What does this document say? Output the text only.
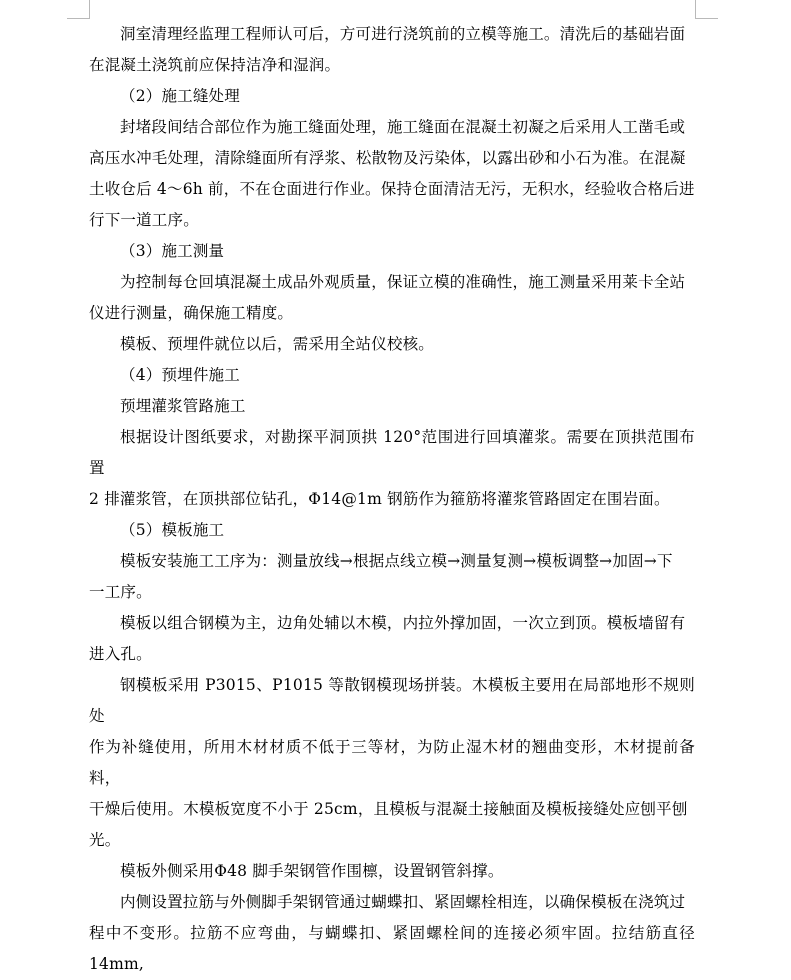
洞室清理经监理工程师认可后，方可进行浇筑前的立模等施工。清洗后的基础岩面
在混凝土浇筑前应保持洁净和湿润。

（2）施工缝处理

封堵段间结合部位作为施工缝面处理，施工缝面在混凝土初凝之后采用人工凿毛或
高压水冲毛处理，清除缝面所有浮浆、松散物及污染体，以露出砂和小石为准。在混凝
土收仓后 4～6h 前，不在仓面进行作业。保持仓面清洁无污，无积水，经验收合格后进
行下一道工序。

（3）施工测量

为控制每仓回填混凝土成品外观质量，保证立模的准确性，施工测量采用莱卡全站
仪进行测量，确保施工精度。

模板、预埋件就位以后，需采用全站仪校核。

（4）预埋件施工

预埋灌浆管路施工

根据设计图纸要求，对勘探平洞顶拱 120°范围进行回填灌浆。需要在顶拱范围布置
2 排灌浆管，在顶拱部位钻孔，Φ14@1m 钢筋作为箍筋将灌浆管路固定在围岩面。

（5）模板施工

模板安装施工工序为：测量放线→根据点线立模→测量复测→模板调整→加固→下
一工序。

模板以组合钢模为主，边角处辅以木模，内拉外撑加固，一次立到顶。模板墙留有
进入孔。

钢模板采用 P3015、P1015 等散钢模现场拼装。木模板主要用在局部地形不规则处
作为补缝使用，所用木材材质不低于三等材，为防止湿木材的翘曲变形，木材提前备料，
干燥后使用。木模板宽度不小于 25cm，且模板与混凝土接触面及模板接缝处应刨平刨
光。

模板外侧采用Φ48 脚手架钢管作围檩，设置钢管斜撑。

内侧设置拉筋与外侧脚手架钢管通过蝴蝶扣、紧固螺栓相连，以确保模板在浇筑过
程中不变形。拉筋不应弯曲，与蝴蝶扣、紧固螺栓间的连接必须牢固。拉结筋直径 14mm,
